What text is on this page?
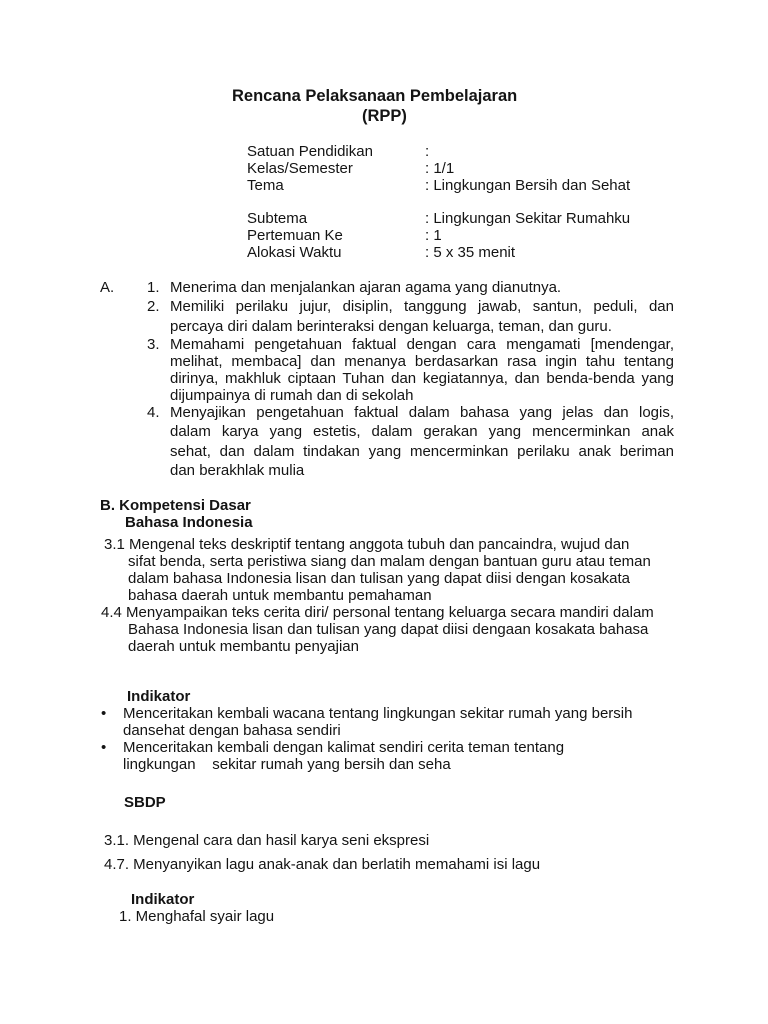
Rencana Pelaksanaan Pembelajaran
(RPP)
Satuan Pendidikan	:
Kelas/Semester	: 1/1
Tema	: Lingkungan Bersih dan Sehat
Subtema	: Lingkungan Sekitar Rumahku
Pertemuan Ke	: 1
Alokasi Waktu	: 5 x 35 menit
A. 1. Menerima dan menjalankan ajaran agama yang dianutnya.
2. Memiliki perilaku jujur, disiplin, tanggung jawab, santun, peduli, dan
percaya diri dalam berinteraksi dengan keluarga, teman, dan guru.
3. Memahami pengetahuan faktual dengan cara mengamati [mendengar,
melihat, membaca] dan menanya berdasarkan rasa ingin tahu tentang
dirinya, makhluk ciptaan Tuhan dan kegiatannya, dan benda-benda yang
dijumpainya di rumah dan di sekolah
4. Menyajikan pengetahuan faktual dalam bahasa yang jelas dan logis,
dalam karya yang estetis, dalam gerakan yang mencerminkan anak
sehat, dan dalam tindakan yang mencerminkan perilaku anak beriman
dan berakhlak mulia
B. Kompetensi Dasar
Bahasa Indonesia
3.1 Mengenal teks deskriptif tentang anggota tubuh dan pancaindra, wujud dan
sifat benda, serta peristiwa siang dan malam dengan bantuan guru atau teman
dalam bahasa Indonesia lisan dan tulisan yang dapat diisi dengan kosakata
bahasa daerah untuk membantu pemahaman
4.4 Menyampaikan teks cerita diri/ personal tentang keluarga secara mandiri dalam
Bahasa Indonesia lisan dan tulisan yang dapat diisi dengaan kosakata bahasa
daerah untuk membantu penyajian
Indikator
• Menceritakan kembali wacana tentang lingkungan sekitar rumah yang bersih
dansehat dengan bahasa sendiri
• Menceritakan kembali dengan kalimat sendiri cerita teman tentang
lingkungan    sekitar rumah yang bersih dan seha
SBDP
3.1. Mengenal cara dan hasil karya seni ekspresi
4.7. Menyanyikan lagu anak-anak dan berlatih memahami isi lagu
Indikator
1. Menghafal syair lagu
